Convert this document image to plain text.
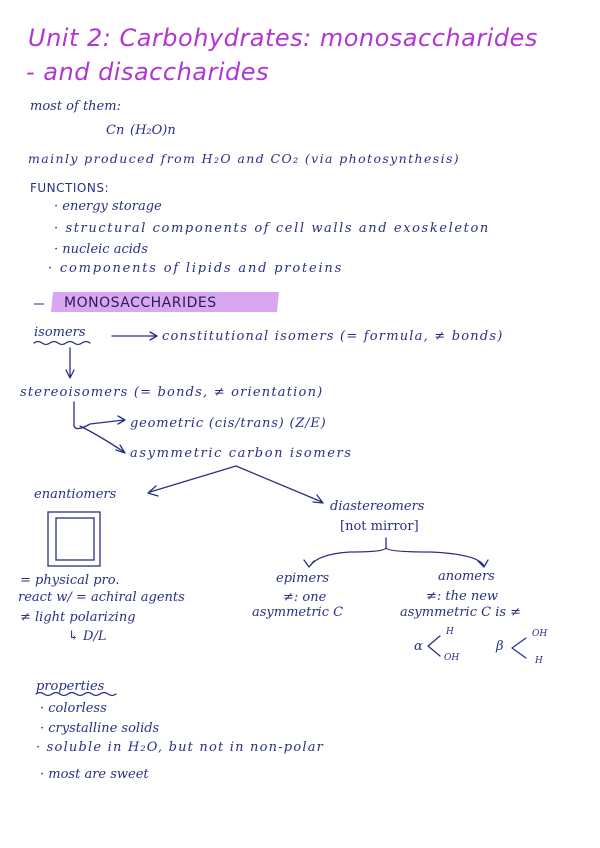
Unit 2: Carbohydrates: monosaccharides
- and disaccharides
most of them:
Cn (H₂O)n
mainly produced from H₂O and CO₂ (via photosynthesis)
FUNCTIONS:
· energy storage
· structural components of cell walls and exoskeleton
· nucleic acids
· components of lipids and proteins
MONOSACCHARIDES
isomers	constitutional isomers (= formula, ≠ bonds)
stereoisomers (= bonds, ≠ orientation)
geometric (cis/trans) (Z/E)
asymmetric carbon isomers
enantiomers
diastereomers
[not mirror]
epimers
≠: one
asymmetric C
anomers
≠: the new
asymmetric C is ≠
α
H
OH
β
OH
H
= physical pro.
react w/ = achiral agents
≠ light polarizing
↳ D/L
properties
· colorless
· crystalline solids
· soluble in H₂O, but not in non-polar
· most are sweet
